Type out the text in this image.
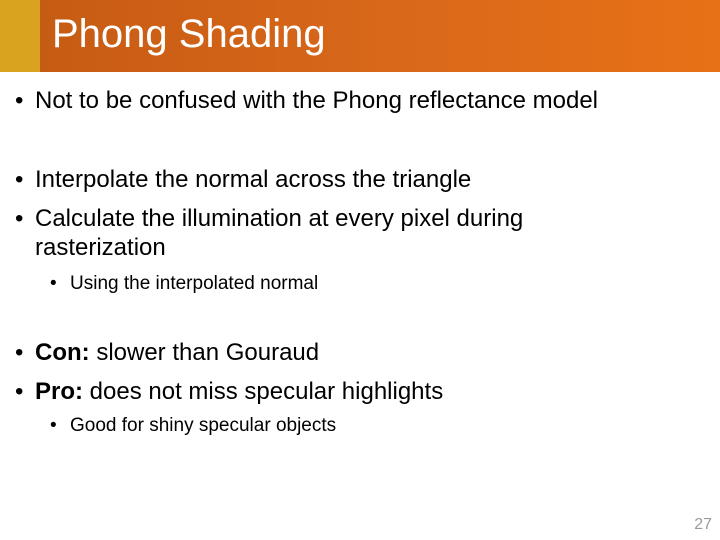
Phong Shading
• Not to be confused with the Phong reflectance model
• Interpolate the normal across the triangle
• Calculate the illumination at every pixel during
rasterization
• Using the interpolated normal
• Con: slower than Gouraud
• Pro: does not miss specular highlights
• Good for shiny specular objects
27
